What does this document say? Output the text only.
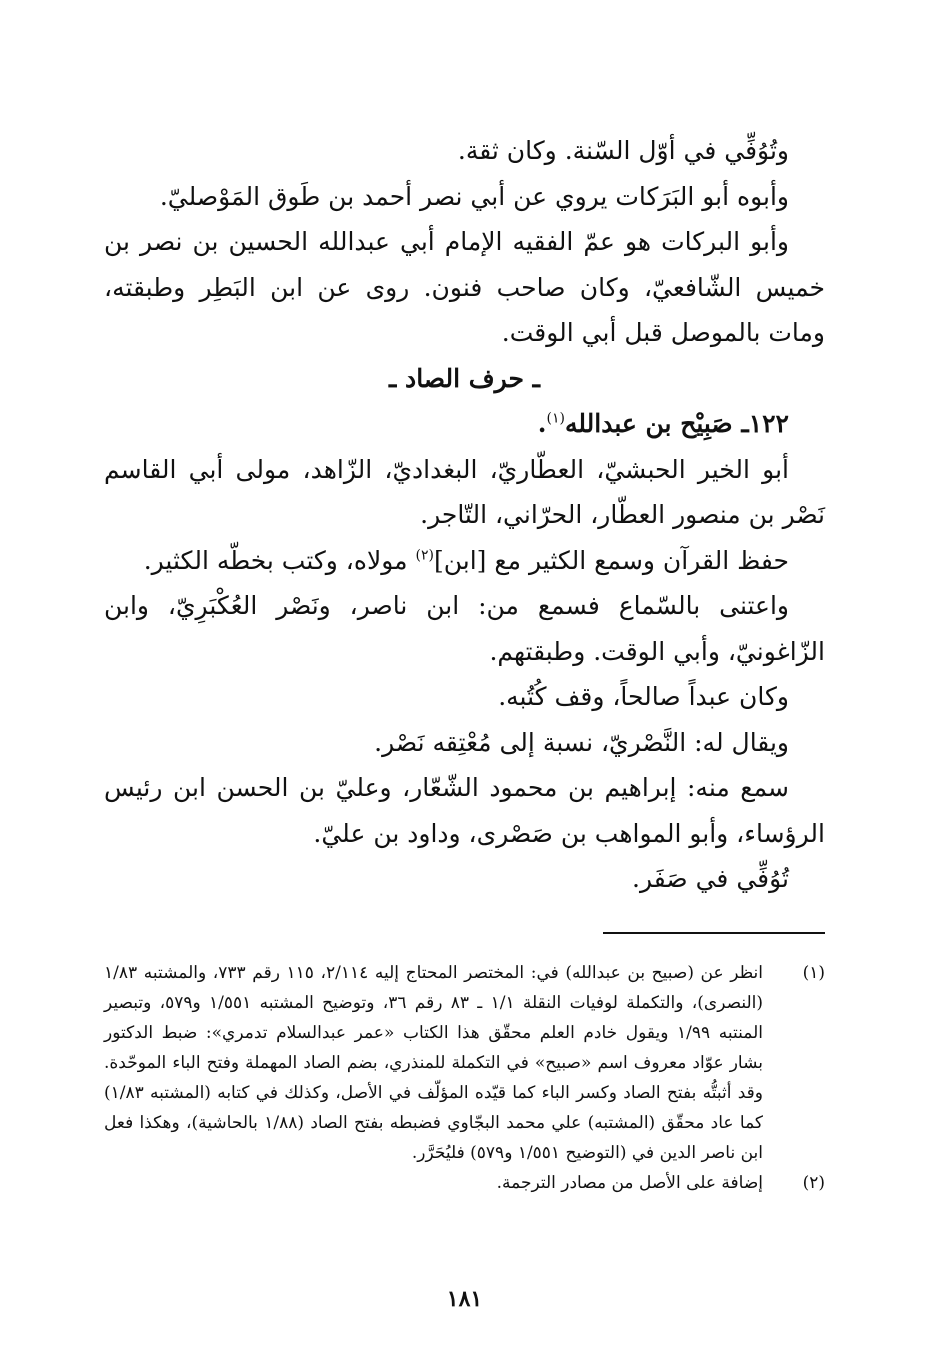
وتُوُفِّي في أوّل السّنة. وكان ثقة.

وأبوه أبو البَرَكات يروي عن أبي نصر أحمد بن طَوق المَوْصليّ.

وأبو البركات هو عمّ الفقيه الإمام أبي عبدالله الحسين بن نصر بن خميس الشّافعيّ، وكان صاحب فنون. روى عن ابن البَطِر وطبقته، ومات بالموصل قبل أبي الوقت.

ـ حرف الصاد ـ

١٢٢ـ صَبِيْح بن عبدالله$^{(١)}$.

أبو الخير الحبشيّ، العطّاريّ، البغداديّ، الزّاهد، مولى أبي القاسم نَصْر بن منصور العطّار، الحرّاني، التّاجر.

حفظ القرآن وسمع الكثير مع [ابن]$^{(٢)}$ مولاه، وكتب بخطّه الكثير.

واعتنى بالسّماع فسمع من: ابن ناصر، ونَصْر العُكْبَرِيّ، وابن الزّاغونيّ، وأبي الوقت. وطبقتهم.

وكان عبداً صالحاً، وقف كُتُبه.

ويقال له: النَّصْريّ، نسبة إلى مُعْتِقه نَصْر.

سمع منه: إبراهيم بن محمود الشّعّار، وعليّ بن الحسن ابن رئيس الرؤساء، وأبو المواهب بن صَصْرى، وداود بن عليّ.

تُوُفِّي في صَفَر.

(١)
انظر عن (صبيح بن عبدالله) في: المختصر المحتاج إليه ٢/١١٤، ١١٥ رقم ٧٣٣، والمشتبه ١/٨٣ (النصرى)، والتكملة لوفيات النقلة ١/١ ـ ٨٣ رقم ٣٦، وتوضيح المشتبه ١/٥٥١ و٥٧٩، وتبصير المنتبه ١/٩٩ ويقول خادم العلم محقّق هذا الكتاب «عمر عبدالسلام تدمري»: ضبط الدكتور بشار عوّاد معروف اسم «صبيح» في التكملة للمنذري، بضم الصاد المهملة وفتح الباء الموحّدة. وقد أثبتُّه بفتح الصاد وكسر الباء كما قيّده المؤلّف في الأصل، وكذلك في كتابه (المشتبه ١/٨٣) كما عاد محقّق (المشتبه) علي محمد البجّاوي فضبطه بفتح الصاد (١/٨٨ بالحاشية)، وهكذا فعل ابن ناصر الدين في (التوضيح ١/٥٥١ و٥٧٩) فليُحَرَّر.
(٢)
إضافة على الأصل من مصادر الترجمة.
١٨١
